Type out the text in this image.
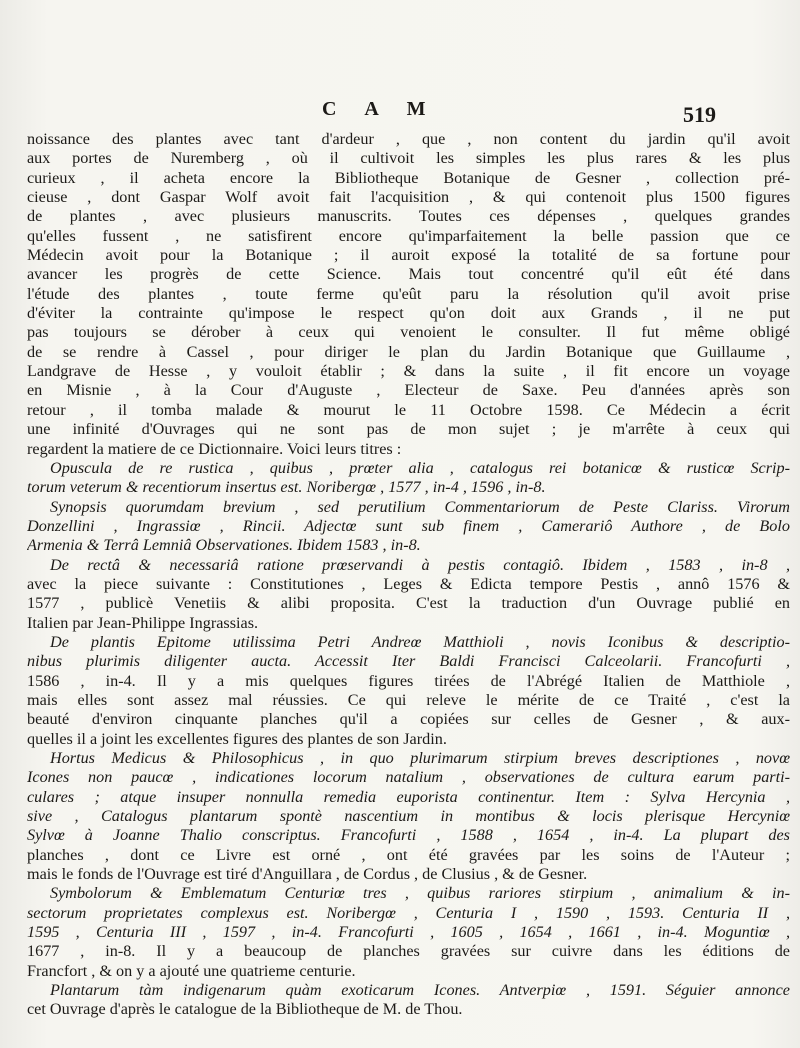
C A M	519
noissance des plantes avec tant d'ardeur , que , non content du jardin qu'il avoit
aux portes de Nuremberg , où il cultivoit les simples les plus rares & les plus
curieux , il acheta encore la Bibliotheque Botanique de Gesner , collection pré-
cieuse , dont Gaspar Wolf avoit fait l'acquisition , & qui contenoit plus 1500 figures
de plantes , avec plusieurs manuscrits. Toutes ces dépenses , quelques grandes
qu'elles fussent , ne satisfirent encore qu'imparfaitement la belle passion que ce
Médecin avoit pour la Botanique ; il auroit exposé la totalité de sa fortune pour
avancer les progrès de cette Science. Mais tout concentré qu'il eût été dans
l'étude des plantes , toute ferme qu'eût paru la résolution qu'il avoit prise
d'éviter la contrainte qu'impose le respect qu'on doit aux Grands , il ne put
pas toujours se dérober à ceux qui venoient le consulter. Il fut même obligé
de se rendre à Cassel , pour diriger le plan du Jardin Botanique que Guillaume ,
Landgrave de Hesse , y vouloit établir ; & dans la suite , il fit encore un voyage
en Misnie , à la Cour d'Auguste , Electeur de Saxe. Peu d'années après son
retour , il tomba malade & mourut le 11 Octobre 1598. Ce Médecin a écrit
une infinité d'Ouvrages qui ne sont pas de mon sujet ; je m'arrête à ceux qui
regardent la matiere de ce Dictionnaire. Voici leurs titres :
Opuscula de re rustica , quibus , prœter alia , catalogus rei botanicœ & rusticœ Scrip-
torum veterum & recentiorum insertus est. Noribergœ , 1577 , in-4 , 1596 , in-8.
Synopsis quorumdam brevium , sed perutilium Commentariorum de Peste Clariss. Virorum
Donzellini , Ingrassiœ , Rincii. Adjectœ sunt sub finem , Camerariô Authore , de Bolo
Armenia & Terrâ Lemniâ Observationes. Ibidem 1583 , in-8.
De rectâ & necessariâ ratione prœservandi à pestis contagiô. Ibidem , 1583 , in-8 ,
avec la piece suivante : Constitutiones , Leges & Edicta tempore Pestis , annô 1576 &
1577 , publicè Venetiis & alibi proposita. C'est la traduction d'un Ouvrage publié en
Italien par Jean-Philippe Ingrassias.
De plantis Epitome utilissima Petri Andreœ Matthioli , novis Iconibus & descriptio-
nibus plurimis diligenter aucta. Accessit Iter Baldi Francisci Calceolarii. Francofurti ,
1586 , in-4. Il y a mis quelques figures tirées de l'Abrégé Italien de Matthiole ,
mais elles sont assez mal réussies. Ce qui releve le mérite de ce Traité , c'est la
beauté d'environ cinquante planches qu'il a copiées sur celles de Gesner , & aux-
quelles il a joint les excellentes figures des plantes de son Jardin.
Hortus Medicus & Philosophicus , in quo plurimarum stirpium breves descriptiones , novœ
Icones non paucœ , indicationes locorum natalium , observationes de cultura earum parti-
culares ; atque insuper nonnulla remedia euporista continentur. Item : Sylva Hercynia ,
sive , Catalogus plantarum spontè nascentium in montibus & locis plerisque Hercyniœ
Sylvœ à Joanne Thalio conscriptus. Francofurti , 1588 , 1654 , in-4. La plupart des
planches , dont ce Livre est orné , ont été gravées par les soins de l'Auteur ;
mais le fonds de l'Ouvrage est tiré d'Anguillara , de Cordus , de Clusius , & de Gesner.
Symbolorum & Emblematum Centuriœ tres , quibus rariores stirpium , animalium & in-
sectorum proprietates complexus est. Noribergœ , Centuria I , 1590 , 1593. Centuria II ,
1595 , Centuria III , 1597 , in-4. Francofurti , 1605 , 1654 , 1661 , in-4. Moguntiœ ,
1677 , in-8. Il y a beaucoup de planches gravées sur cuivre dans les éditions de
Francfort , & on y a ajouté une quatrieme centurie.
Plantarum tàm indigenarum quàm exoticarum Icones. Antverpiœ , 1591. Séguier annonce
cet Ouvrage d'après le catalogue de la Bibliotheque de M. de Thou.
